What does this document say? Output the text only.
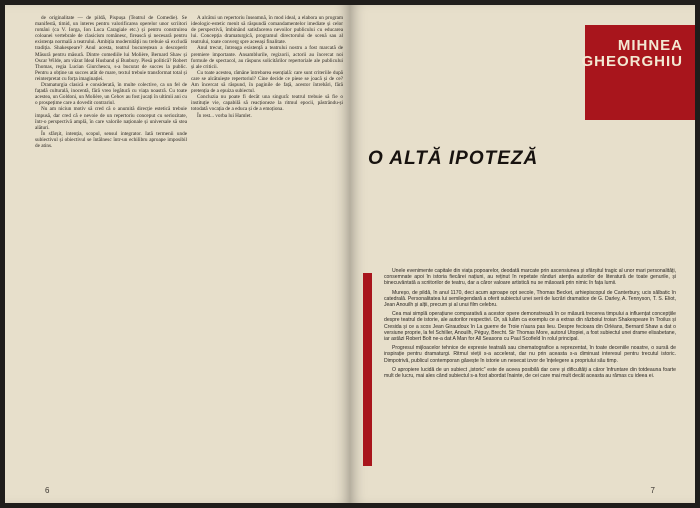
de originalitate — de pildă, Pispușa (Teatrul de Comedie). Se manifestă, timid, un interes pentru valorificarea operelor unor scriitori români (ca V. Iorga, Ion Luca Caragiale etc.) și pentru construirea coloanei vertebrale de clasicism românesc, firească și necesară pentru existența normală a teatrului. Ambiția modernității nu trebuie să excludă tradiția. Shakespeare? Anul acesta, teatrul bucureștean a descoperit Măsură pentru măsură. Dintre comediile lui Molière, Bernard Shaw și Oscar Wilde, am văzut Ideal Husband și Bunbury. Piesă politică? Robert Thomas, regia Lucian Giurchescu, s-a bucurat de succes la public. Pentru a obține un succes atât de mare, textul trebuie transformat total și reinterpretat cu forța imaginației.

Dramaturgia clasică e considerată, în multe colective, ca un fel de fațadă culturală, inocentă, fără vreo legătură cu viața noastră. Cu toate acestea, un Goldoni, un Molière, un Cehov au fost jucați în ultimii ani cu o prospețime care a dovedit contrariul.

Nu am niciun motiv să cred că o anumită direcție estetică trebuie impusă, dar cred că e nevoie de un repertoriu conceput cu seriozitate, într-o perspectivă amplă, în care valorile naționale și universale să stea alături.

În sfârșit, intenția, scopul, sensul integrator. Iată termenii unde subiectivul și obiectivul se întâlnesc într-un echilibru aproape imposibil de atins.

A alcătui un repertoriu înseamnă, în mod ideal, a elabora un program ideologic-estetic menit să răspundă comandamentelor imediate și celor de perspectivă, îmbinând satisfacerea nevoilor publicului cu educarea lui. Concepția dramaturgică, programul directorului de scenă sau al teatrului, toate converg spre aceeași finalitate.

Anul trecut, întreaga existență a teatrului nostru a fost marcată de premiere importante. Ansamblurile, regizorii, actorii au încercat noi formule de spectacol, au răspuns solicitărilor repertoriale ale publicului și ale criticii.

Cu toate acestea, rămâne întrebarea esențială: care sunt criteriile după care se alcătuiește repertoriul? Cine decide ce piese se joacă și de ce? Am încercat să răspund, în paginile de față, acestor întrebări, fără pretenția de a epuiza subiectul.

Concluzia nu poate fi decât una singură: teatrul trebuie să fie o instituție vie, capabilă să reacționeze la ritmul epocii, păstrându-și totodată vocația de a educa și de a emoționa.

În rest... vorba lui Hamlet.

6
MIHNEA
GHEORGHIU
O ALTĂ IPOTEZĂ

Unele evenimente capitale din viața popoarelor, deodată marcate prin ascensiunea și sfârșitul tragic al unor mari personalități, consemnate apoi în istoria fiecărei națiuni, au reținut în repetate rânduri atenția autorilor de literatură de toate genurile, și binecuvântată a scriitorilor de teatru, dar a căror valoare artistică nu se măsoară prin nimic în fața lumii.

Mureșo, de pildă, în anul 1170, deci acum aproape opt secole, Thomas Becket, arhiepiscopul de Canterbury, ucis sălbatic în catedrală. Personalitatea lui semilegendară a oferit subiectul unei serii de lucrări dramatice de G. Darley, A. Tennyson, T. S. Eliot, Jean Anouilh și alții, precum și al unui film celebru.

Cea mai simplă operațiune comparativă a acestor opere demonstrează în ce măsură trecerea timpului a influențat concepțiile despre teatrul de istorie, ale autorilor respectivi. Or, să luăm ca exemplu ce a extras din războiul troian Shakespeare în Troilus și Cresida și ce a scos Jean Giraudoux în La guerre de Troie n'aura pas lieu. Despre fecioara din Orléans, Bernard Shaw a dat o versiune proprie, la fel Schiller, Anouilh, Péguy, Brecht. Sir Thomas More, autorul Utopiei, a fost subiectul unei drame elisabetane, iar astăzi Robert Bolt ne-a dat A Man for All Seasons cu Paul Scofield în rolul principal.

Progresul mijloacelor tehnice de expresie teatrală sau cinematografice a reprezentat, în toate deceniile noastre, o sursă de inspirație pentru dramaturgi. Ritmul vieții s-a accelerat, dar nu prin aceasta s-a diminuat interesul pentru trecutul istoric. Dimpotrivă, publicul contemporan găsește în istorie un nesecat izvor de înțelegere a propriului său timp.

O apropiere lucidă de un subiect „istoric” este de aceea posibilă dar cere și dificultăți a căror înfruntare din totdeauna foarte mult de lucru, mai ales când subiectul s-a fost abordat înainte, de cei care mai mult decât aceasta au rămas cu ideea ei.

7
